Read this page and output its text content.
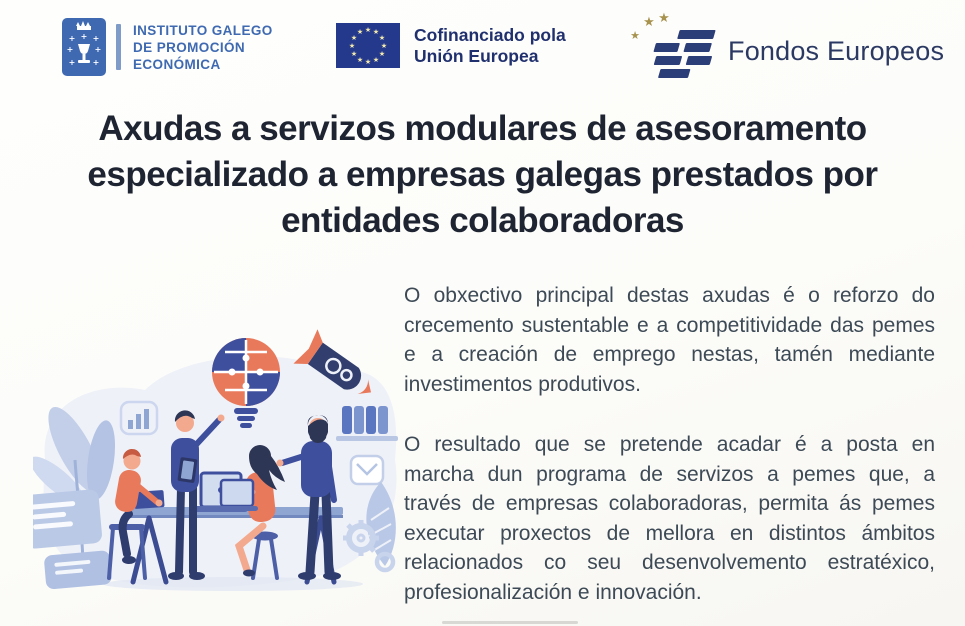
+ +
+	+
+ +
+	INSTITUTO GALEGO
DE PROMOCIÓN
ECONÓMICA
★ ★
★
★
★
★
★
★
★
★
★
★	Cofinanciado pola
Unión Europea
★ ★
★	Fondos Europeos
Axudas a servizos modulares de asesoramento
especializado a empresas galegas prestados por
entidades colaboradoras

O obxectivo principal destas axudas é o reforzo do crecemento sustentable e a competitividade das pemes e a creación de emprego nestas, tamén mediante investimentos produtivos.

O resultado que se pretende acadar é a posta en marcha dun programa de servizos a pemes que, a través de empresas colaboradoras, permita ás pemes executar proxectos de mellora en distintos ámbitos relacionados co seu desenvolvemento estratéxico, profesionalización e innovación.
